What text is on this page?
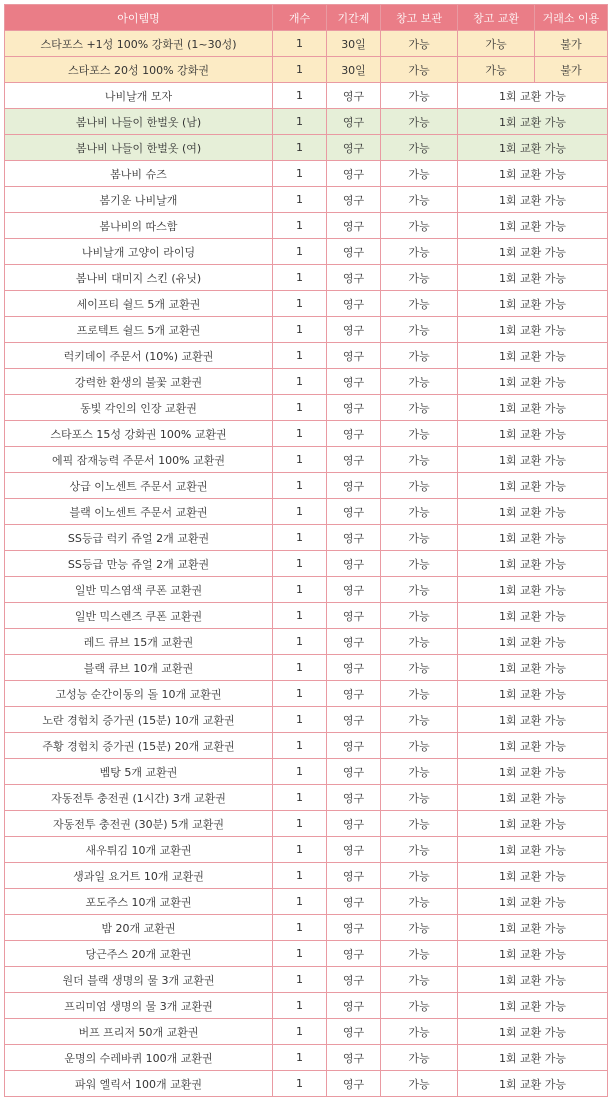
아이템명	개수	기간제	창고 보관	창고 교환	거래소 이용
스타포스 +1성 100% 강화권 (1~30성)	1	30일	가능	가능	불가
스타포스 20성 100% 강화권	1	30일	가능	가능	불가
나비날개 모자	1	영구	가능	1회 교환 가능	
봄나비 나들이 한벌옷 (남)	1	영구	가능	1회 교환 가능	
봄나비 나들이 한벌옷 (여)	1	영구	가능	1회 교환 가능	
봄나비 슈즈	1	영구	가능	1회 교환 가능	
봄기운 나비날개	1	영구	가능	1회 교환 가능	
봄나비의 따스함	1	영구	가능	1회 교환 가능	
나비날개 고양이 라이딩	1	영구	가능	1회 교환 가능	
봄나비 대미지 스킨 (유닛)	1	영구	가능	1회 교환 가능	
세이프티 쉴드 5개 교환권	1	영구	가능	1회 교환 가능	
프로텍트 쉴드 5개 교환권	1	영구	가능	1회 교환 가능	
럭키데이 주문서 (10%) 교환권	1	영구	가능	1회 교환 가능	
강력한 환생의 불꽃 교환권	1	영구	가능	1회 교환 가능	
동빛 각인의 인장 교환권	1	영구	가능	1회 교환 가능	
스타포스 15성 강화권 100% 교환권	1	영구	가능	1회 교환 가능	
에픽 잠재능력 주문서 100% 교환권	1	영구	가능	1회 교환 가능	
상급 이노센트 주문서 교환권	1	영구	가능	1회 교환 가능	
블랙 이노센트 주문서 교환권	1	영구	가능	1회 교환 가능	
SS등급 럭키 쥬얼 2개 교환권	1	영구	가능	1회 교환 가능	
SS등급 만능 쥬얼 2개 교환권	1	영구	가능	1회 교환 가능	
일반 믹스염색 쿠폰 교환권	1	영구	가능	1회 교환 가능	
일반 믹스렌즈 쿠폰 교환권	1	영구	가능	1회 교환 가능	
레드 큐브 15개 교환권	1	영구	가능	1회 교환 가능	
블랙 큐브 10개 교환권	1	영구	가능	1회 교환 가능	
고성능 순간이동의 돌 10개 교환권	1	영구	가능	1회 교환 가능	
노란 경험치 증가권 (15분) 10개 교환권	1	영구	가능	1회 교환 가능	
주황 경험치 증가권 (15분) 20개 교환권	1	영구	가능	1회 교환 가능	
벰탕 5개 교환권	1	영구	가능	1회 교환 가능	
자동전투 충전권 (1시간) 3개 교환권	1	영구	가능	1회 교환 가능	
자동전투 충전권 (30분) 5개 교환권	1	영구	가능	1회 교환 가능	
새우튀김 10개 교환권	1	영구	가능	1회 교환 가능	
생과일 요거트 10개 교환권	1	영구	가능	1회 교환 가능	
포도주스 10개 교환권	1	영구	가능	1회 교환 가능	
밤 20개 교환권	1	영구	가능	1회 교환 가능	
당근주스 20개 교환권	1	영구	가능	1회 교환 가능	
원더 블랙 생명의 물 3개 교환권	1	영구	가능	1회 교환 가능	
프리미엄 생명의 물 3개 교환권	1	영구	가능	1회 교환 가능	
버프 프리저 50개 교환권	1	영구	가능	1회 교환 가능	
운명의 수레바퀴 100개 교환권	1	영구	가능	1회 교환 가능	
파워 엘릭서 100개 교환권	1	영구	가능	1회 교환 가능	
